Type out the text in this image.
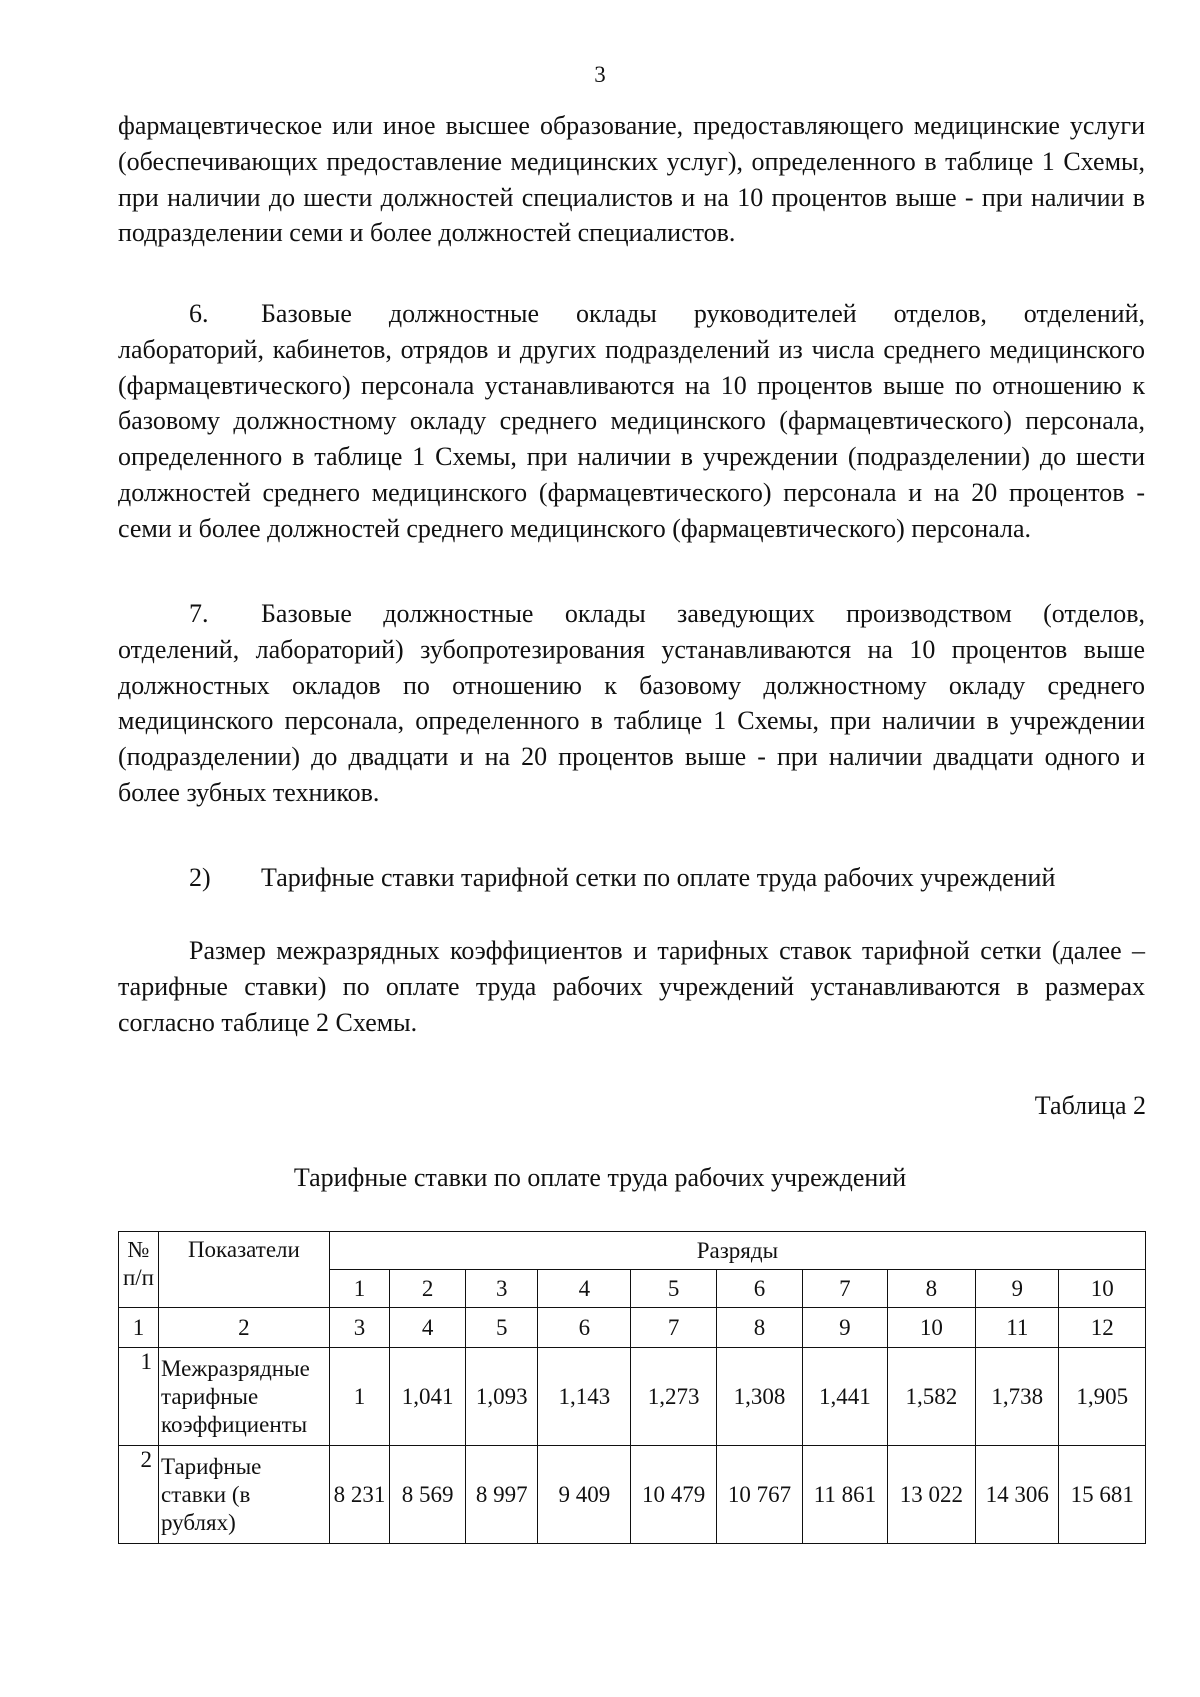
3
фармацевтическое или иное высшее образование, предоставляющего медицинские услуги (обеспечивающих предоставление медицинских услуг), определенного в таблице 1 Схемы, при наличии до шести должностей специалистов и на 10 процентов выше - при наличии в подразделении семи и более должностей специалистов.
6. Базовые должностные оклады руководителей отделов, отделений, лабораторий, кабинетов, отрядов и других подразделений из числа среднего медицинского (фармацевтического) персонала устанавливаются на 10 процентов выше по отношению к базовому должностному окладу среднего медицинского (фармацевтического) персонала, определенного в таблице 1 Схемы, при наличии в учреждении (подразделении) до шести должностей среднего медицинского (фармацевтического) персонала и на 20 процентов - семи и более должностей среднего медицинского (фармацевтического) персонала.
7. Базовые должностные оклады заведующих производством (отделов, отделений, лабораторий) зубопротезирования устанавливаются на 10 процентов выше должностных окладов по отношению к базовому должностному окладу среднего медицинского персонала, определенного в таблице 1 Схемы, при наличии в учреждении (подразделении) до двадцати и на 20 процентов выше - при наличии двадцати одного и более зубных техников.
2) Тарифные ставки тарифной сетки по оплате труда рабочих учреждений
Размер межразрядных коэффициентов и тарифных ставок тарифной сетки (далее – тарифные ставки) по оплате труда рабочих учреждений устанавливаются в размерах согласно таблице 2 Схемы.
Таблица 2
Тарифные ставки по оплате труда рабочих учреждений
№ п/п	Показатели	Разряды									
		1	2	3	4	5	6	7	8	9	10
1	2	3	4	5	6	7	8	9	10	11	12
1	Межразрядные тарифные коэффициенты	1	1,041	1,093	1,143	1,273	1,308	1,441	1,582	1,738	1,905
2	Тарифные ставки (в рублях)	8 231	8 569	8 997	9 409	10 479	10 767	11 861	13 022	14 306	15 681
